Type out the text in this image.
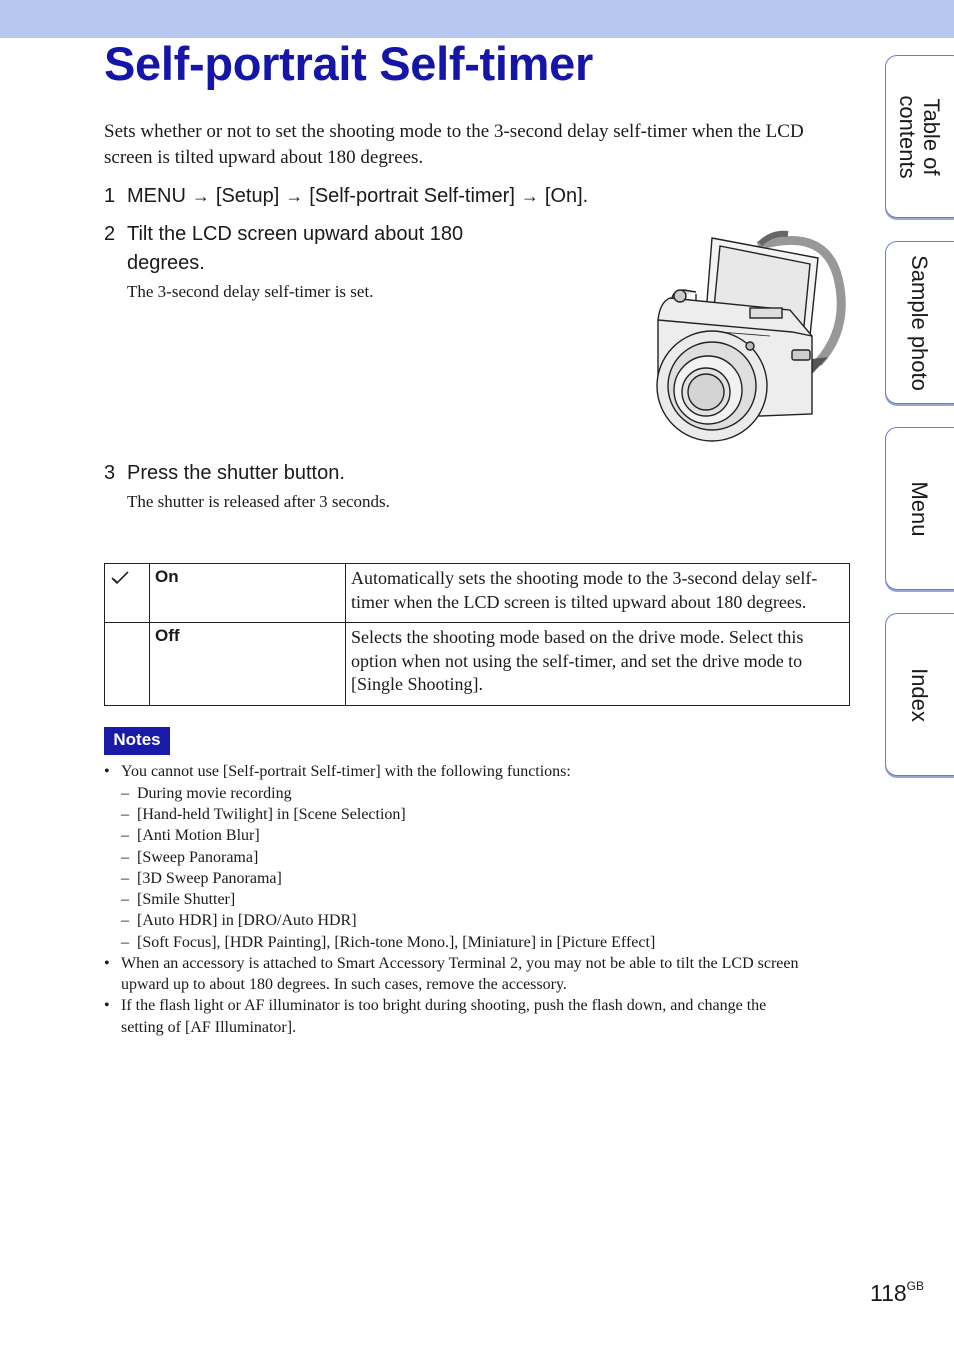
Self-portrait Self-timer

Sets whether or not to set the shooting mode to the 3-second delay self-timer when the LCD screen is tilted upward about 180 degrees.

1 MENU → [Setup] → [Self-portrait Self-timer] → [On].
2 Tilt the LCD screen upward about 180
degrees.
The 3-second delay self-timer is set.
3 Press the shutter button.
The shutter is released after 3 seconds.
	On	Automatically sets the shooting mode to the 3-second delay self-
timer when the LCD screen is tilted upward about 180 degrees.

	Off	Selects the shooting mode based on the drive mode. Select this
option when not using the self-timer, and set the drive mode to
[Single Shooting].
Notes
• You cannot use [Self-portrait Self-timer] with the following functions:
– During movie recording
– [Hand-held Twilight] in [Scene Selection]
– [Anti Motion Blur]
– [Sweep Panorama]
– [3D Sweep Panorama]
– [Smile Shutter]
– [Auto HDR] in [DRO/Auto HDR]
– [Soft Focus], [HDR Painting], [Rich-tone Mono.], [Miniature] in [Picture Effect]
• When an accessory is attached to Smart Accessory Terminal 2, you may not be able to tilt the LCD screen
upward up to about 180 degrees. In such cases, remove the accessory.
• If the flash light or AF illuminator is too bright during shooting, push the flash down, and change the
setting of [AF Illuminator].
Table of
contents
Sample photo
Menu
Index
$118^{GB}$
